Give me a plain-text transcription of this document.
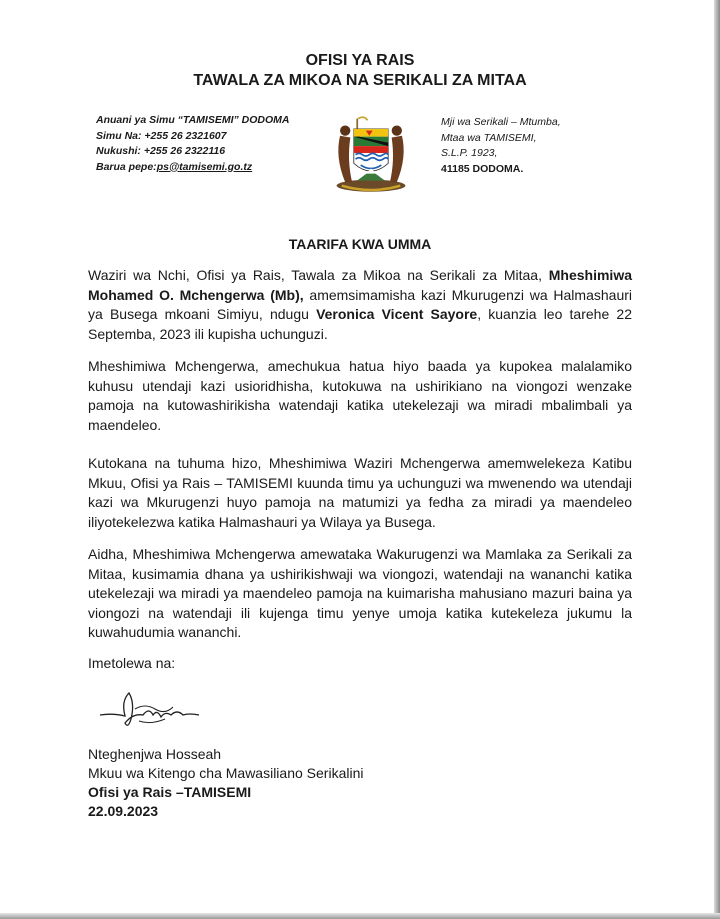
OFISI YA RAIS
TAWALA ZA MIKOA NA SERIKALI ZA MITAA
Anuani ya Simu “TAMISEMI” DODOMA
Simu Na: +255 26 2321607
Nukushi: +255 26 2322116
Barua pepe:ps@tamisemi.go.tz
Mji wa Serikali – Mtumba,
Mtaa wa TAMISEMI,
S.L.P. 1923,
41185 DODOMA.
TAARIFA KWA UMMA

Waziri wa Nchi, Ofisi ya Rais, Tawala za Mikoa na Serikali za Mitaa, Mheshimiwa Mohamed O. Mchengerwa (Mb), amemsimamisha kazi Mkurugenzi wa Halmashauri ya Busega mkoani Simiyu, ndugu Veronica Vicent Sayore, kuanzia leo tarehe 22 Septemba, 2023 ili kupisha uchunguzi.

Mheshimiwa Mchengerwa, amechukua hatua hiyo baada ya kupokea malalamiko kuhusu utendaji kazi usioridhisha, kutokuwa na ushirikiano na viongozi wenzake pamoja na kutowashirikisha watendaji katika utekelezaji wa miradi mbalimbali ya maendeleo.

Kutokana na tuhuma hizo, Mheshimiwa Waziri Mchengerwa amemwelekeza Katibu Mkuu, Ofisi ya Rais – TAMISEMI kuunda timu ya uchunguzi wa mwenendo wa utendaji kazi wa Mkurugenzi huyo pamoja na matumizi ya fedha za miradi ya maendeleo iliyotekelezwa katika Halmashauri ya Wilaya ya Busega.

Aidha, Mheshimiwa Mchengerwa amewataka Wakurugenzi wa Mamlaka za Serikali za Mitaa, kusimamia dhana ya ushirikishwaji wa viongozi, watendaji na wananchi katika utekelezaji wa miradi ya maendeleo pamoja na kuimarisha mahusiano mazuri baina ya viongozi na watendaji ili kujenga timu yenye umoja katika kutekeleza jukumu la kuwahudumia wananchi.

Imetolewa na:
Nteghenjwa Hosseah
Mkuu wa Kitengo cha Mawasiliano Serikalini
Ofisi ya Rais –TAMISEMI
22.09.2023
